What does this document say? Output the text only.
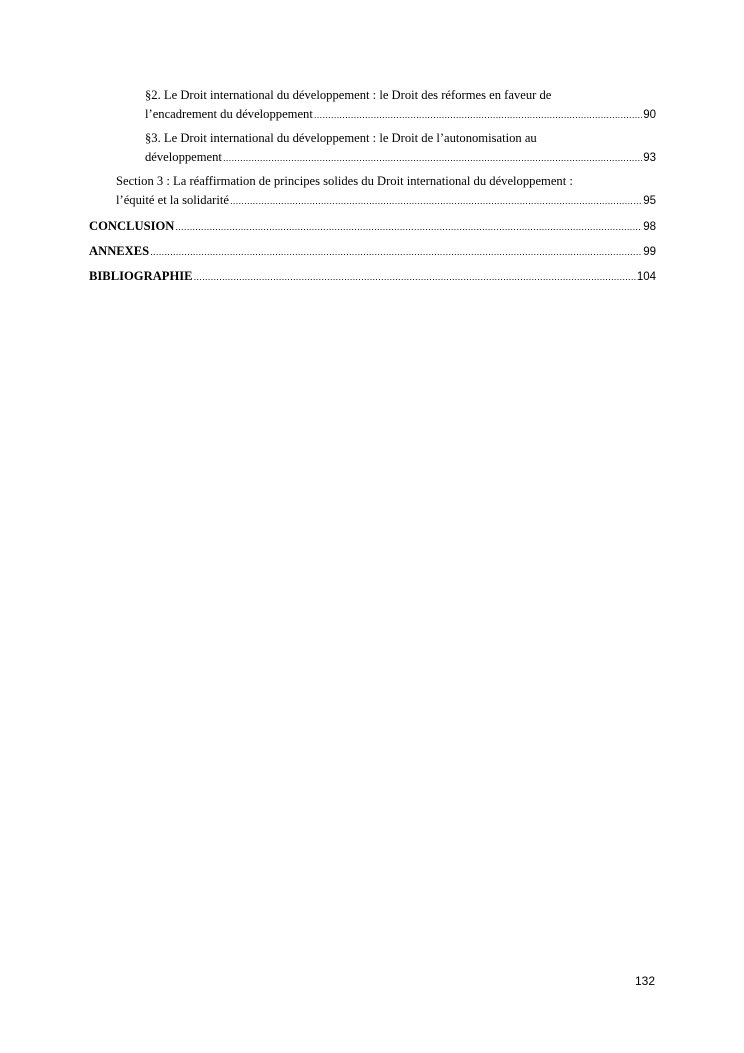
§2. Le Droit international du développement : le Droit des réformes en faveur de
l’encadrement du développement .....	90
§3. Le Droit international du développement : le Droit de l’autonomisation au
développement .....	93
Section 3 : La réaffirmation de principes solides du Droit international du développement :
l’équité et la solidarité .....	95
CONCLUSION .....	98
ANNEXES .....	99
BIBLIOGRAPHIE .....	104
132
